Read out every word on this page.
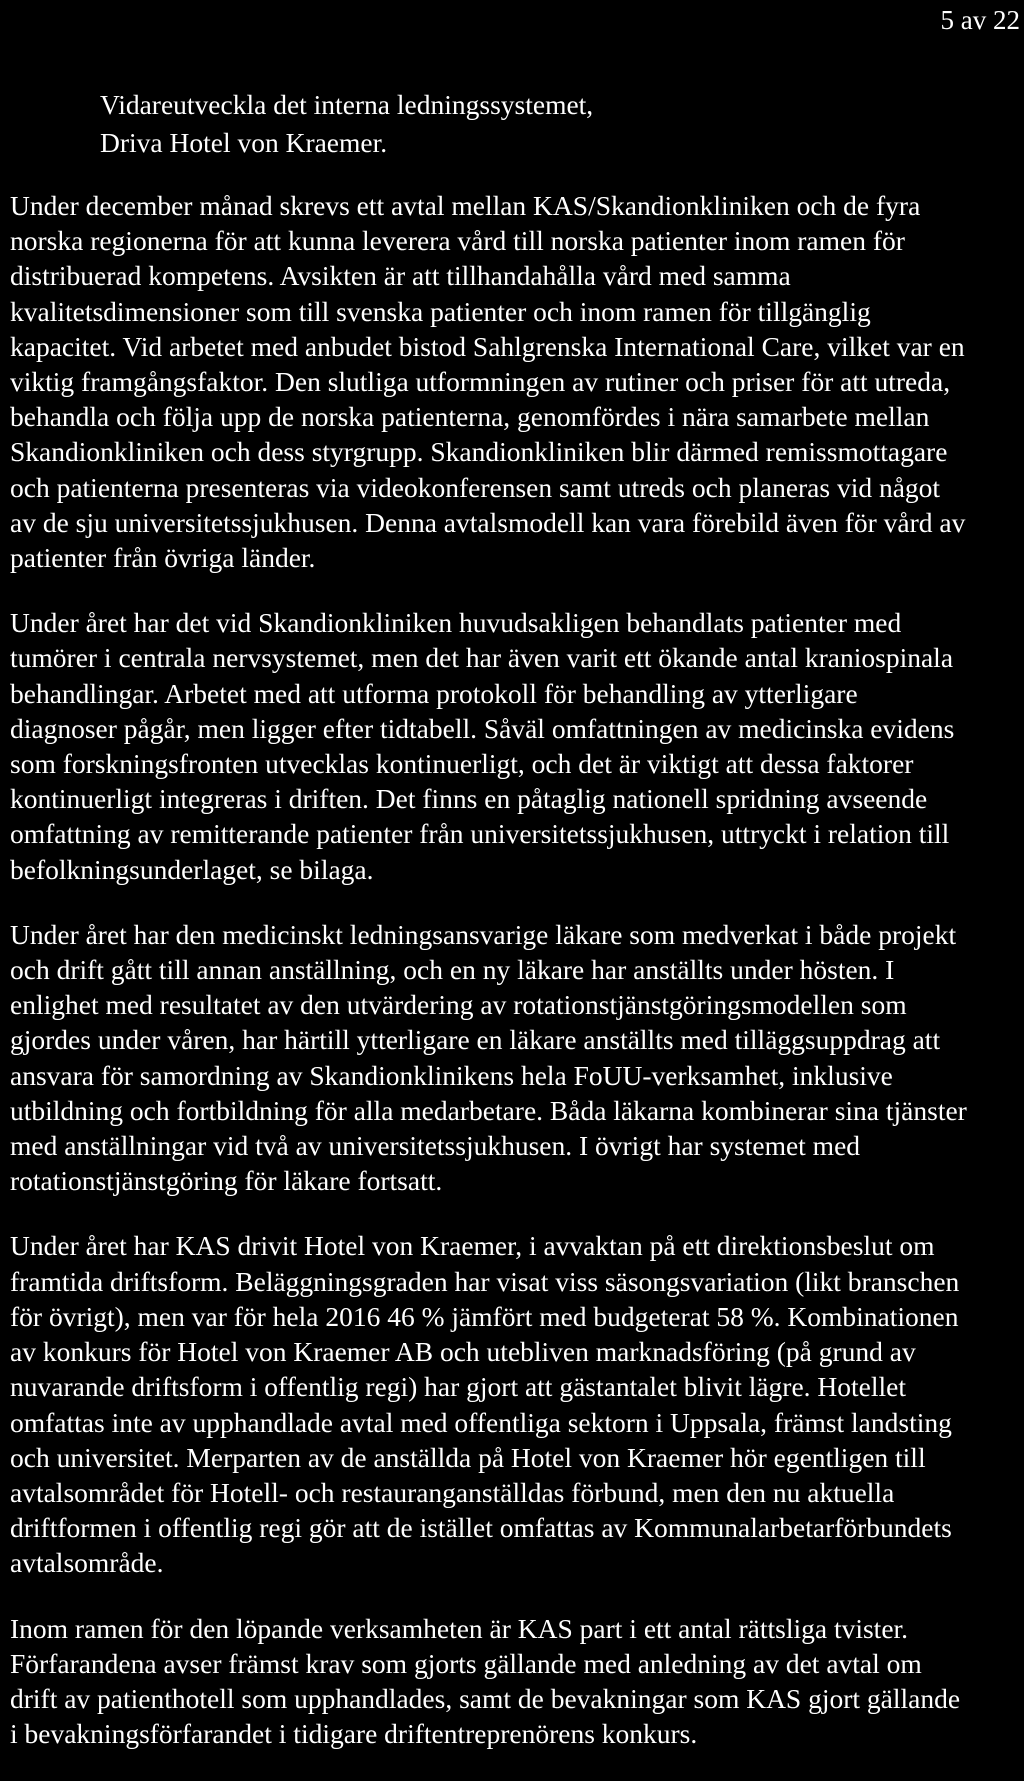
5 av 22
Vidareutveckla det interna ledningssystemet,
Driva Hotel von Kraemer.
Under december månad skrevs ett avtal mellan KAS/Skandionkliniken och de fyra
norska regionerna för att kunna leverera vård till norska patienter inom ramen för
distribuerad kompetens. Avsikten är att tillhandahålla vård med samma
kvalitetsdimensioner som till svenska patienter och inom ramen för tillgänglig
kapacitet. Vid arbetet med anbudet bistod Sahlgrenska International Care, vilket var en
viktig framgångsfaktor. Den slutliga utformningen av rutiner och priser för att utreda,
behandla och följa upp de norska patienterna, genomfördes i nära samarbete mellan
Skandionkliniken och dess styrgrupp. Skandionkliniken blir därmed remissmottagare
och patienterna presenteras via videokonferensen samt utreds och planeras vid något
av de sju universitetssjukhusen. Denna avtalsmodell kan vara förebild även för vård av
patienter från övriga länder.
Under året har det vid Skandionkliniken huvudsakligen behandlats patienter med
tumörer i centrala nervsystemet, men det har även varit ett ökande antal kraniospinala
behandlingar. Arbetet med att utforma protokoll för behandling av ytterligare
diagnoser pågår, men ligger efter tidtabell. Såväl omfattningen av medicinska evidens
som forskningsfronten utvecklas kontinuerligt, och det är viktigt att dessa faktorer
kontinuerligt integreras i driften. Det finns en påtaglig nationell spridning avseende
omfattning av remitterande patienter från universitetssjukhusen, uttryckt i relation till
befolkningsunderlaget, se bilaga.
Under året har den medicinskt ledningsansvarige läkare som medverkat i både projekt
och drift gått till annan anställning, och en ny läkare har anställts under hösten. I
enlighet med resultatet av den utvärdering av rotationstjänstgöringsmodellen som
gjordes under våren, har härtill ytterligare en läkare anställts med tilläggsuppdrag att
ansvara för samordning av Skandionklinikens hela FoUU-verksamhet, inklusive
utbildning och fortbildning för alla medarbetare. Båda läkarna kombinerar sina tjänster
med anställningar vid två av universitetssjukhusen. I övrigt har systemet med
rotationstjänstgöring för läkare fortsatt.
Under året har KAS drivit Hotel von Kraemer, i avvaktan på ett direktionsbeslut om
framtida driftsform. Beläggningsgraden har visat viss säsongsvariation (likt branschen
för övrigt), men var för hela 2016 46 % jämfört med budgeterat 58 %. Kombinationen
av konkurs för Hotel von Kraemer AB och utebliven marknadsföring (på grund av
nuvarande driftsform i offentlig regi) har gjort att gästantalet blivit lägre. Hotellet
omfattas inte av upphandlade avtal med offentliga sektorn i Uppsala, främst landsting
och universitet. Merparten av de anställda på Hotel von Kraemer hör egentligen till
avtalsområdet för Hotell- och restauranganställdas förbund, men den nu aktuella
driftformen i offentlig regi gör att de istället omfattas av Kommunalarbetarförbundets
avtalsområde.
Inom ramen för den löpande verksamheten är KAS part i ett antal rättsliga tvister.
Förfarandena avser främst krav som gjorts gällande med anledning av det avtal om
drift av patienthotell som upphandlades, samt de bevakningar som KAS gjort gällande
i bevakningsförfarandet i tidigare driftentreprenörens konkurs.
